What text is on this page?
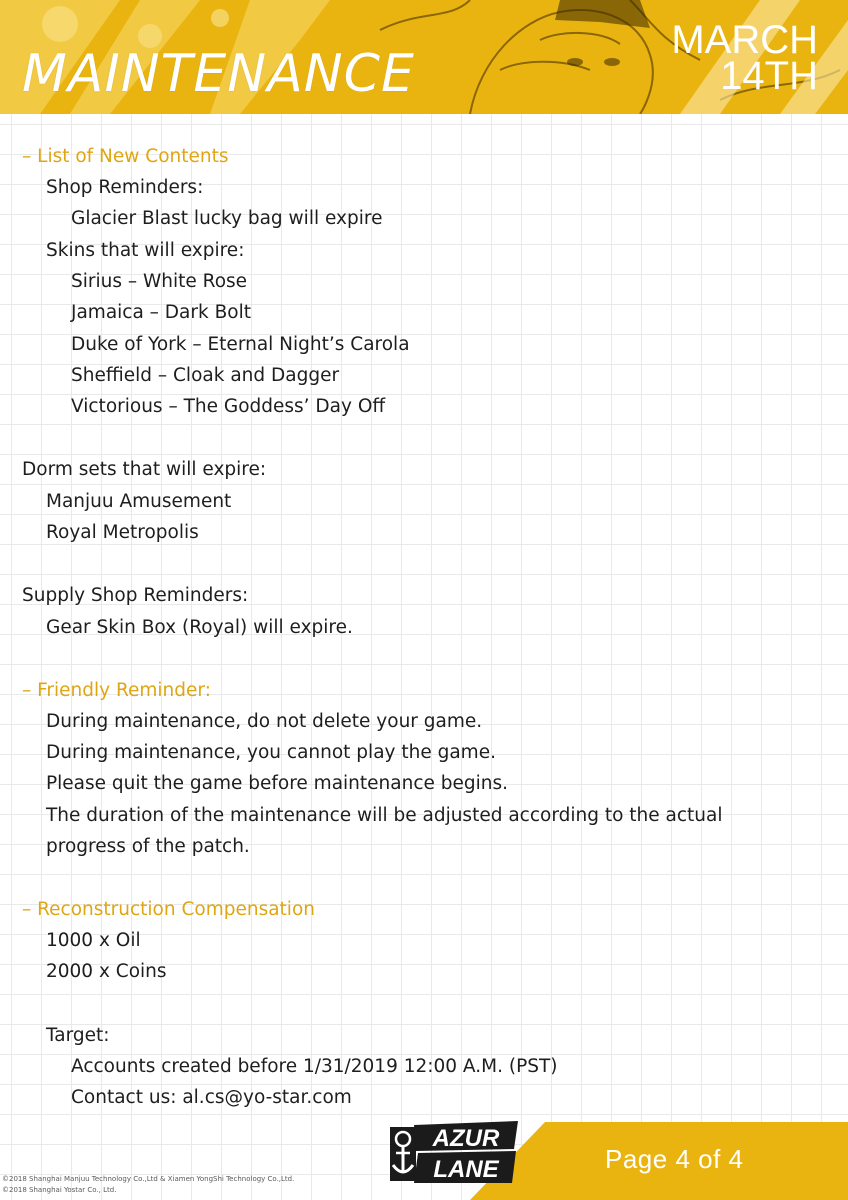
MAINTENANCE
MARCH
14TH
– List of New Contents
Shop Reminders:
Glacier Blast lucky bag will expire
Skins that will expire:
Sirius – White Rose
Jamaica – Dark Bolt
Duke of York – Eternal Night’s Carola
Sheffield – Cloak and Dagger
Victorious – The Goddess’ Day Off
Dorm sets that will expire:
Manjuu Amusement
Royal Metropolis
Supply Shop Reminders:
Gear Skin Box (Royal) will expire.
– Friendly Reminder:
During maintenance, do not delete your game.
During maintenance, you cannot play the game.
Please quit the game before maintenance begins.
The duration of the maintenance will be adjusted according to the actual
progress of the patch.
– Reconstruction Compensation
1000 x Oil
2000 x Coins
Target:
Accounts created before 1/31/2019 12:00 A.M. (PST)
Contact us: al.cs@yo-star.com
©2018 Shanghai Manjuu Technology Co.,Ltd & Xiamen YongShi Technology Co.,Ltd.
©2018 Shanghai Yostar Co., Ltd.
AZUR
LANE	Page 4 of 4
